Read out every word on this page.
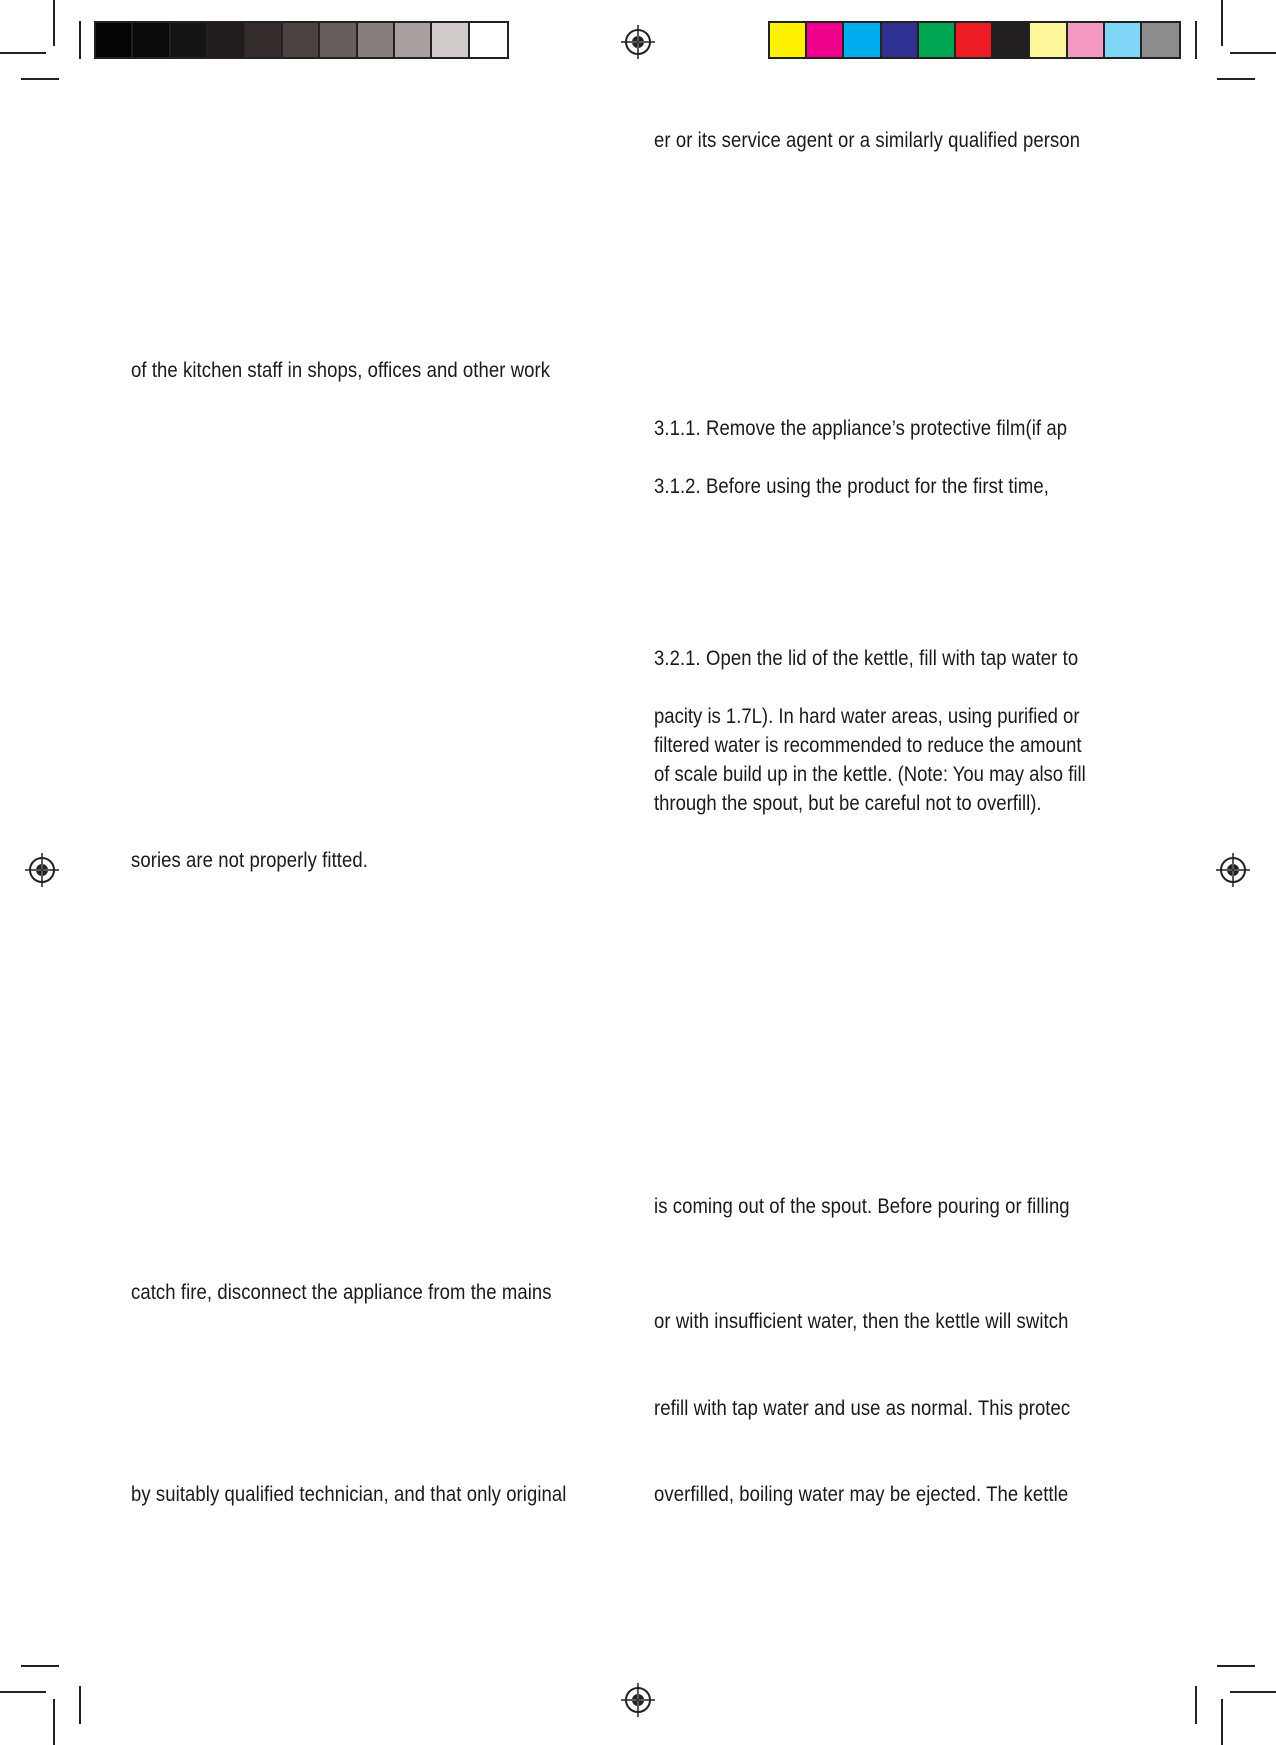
er or its service agent or a similarly qualified person
3.1.1. Remove the appliance’s protective film(if ap
3.1.2. Before using the product for the first time,
3.2.1. Open the lid of the kettle, fill with tap water to
pacity is 1.7L). In hard water areas, using purified or
filtered water is recommended to reduce the amount
of scale build up in the kettle. (Note: You may also fill
through the spout, but be careful not to overfill).
is coming out of the spout. Before pouring or filling
or with insufficient water, then the kettle will switch
refill with tap water and use as normal. This protec
overfilled, boiling water may be ejected. The kettle
of the kitchen staff in shops, offices and other work
sories are not properly fitted.
catch fire, disconnect the appliance from the mains
by suitably qualified technician, and that only original
